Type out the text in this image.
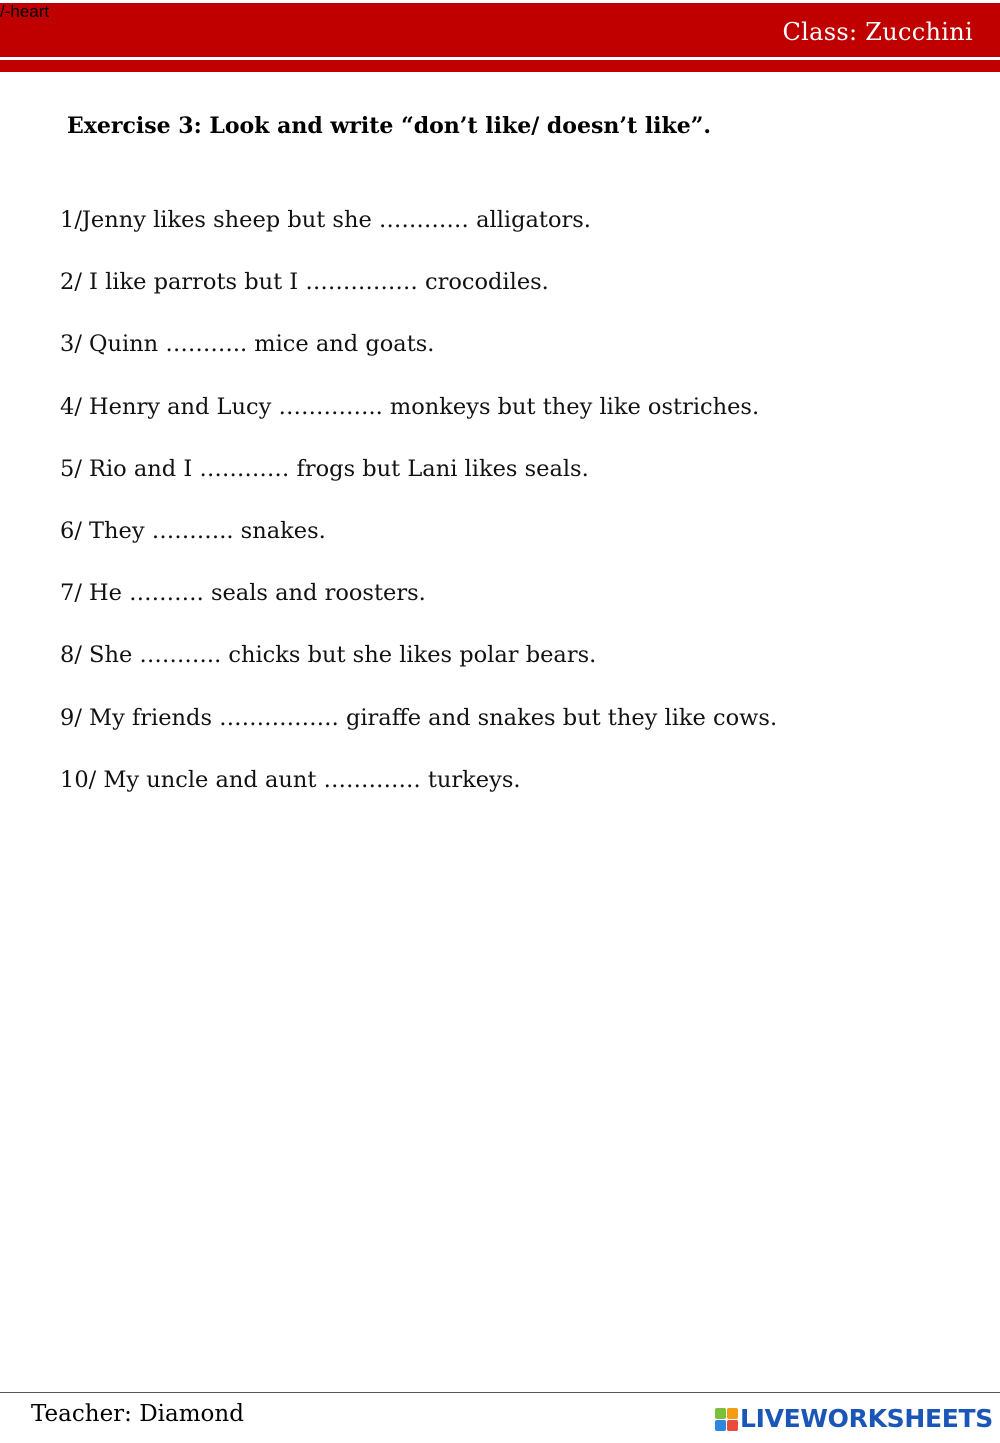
/-heart
Class: Zucchini
Exercise 3: Look and write “don’t like/ doesn’t like”.
1/Jenny likes sheep but she ………… alligators.
2/ I like parrots but I …………… crocodiles.
3/ Quinn ……….. mice and goats.
4/ Henry and Lucy ………….. monkeys but they like ostriches.
5/ Rio and I ………… frogs but Lani likes seals.
6/ They ……….. snakes.
7/ He ………. seals and roosters.
8/ She ……….. chicks but she likes polar bears.
9/ My friends ……………. giraffe and snakes but they like cows.
10/ My uncle and aunt …………. turkeys.
Teacher: Diamond	LIVEWORKSHEETS
